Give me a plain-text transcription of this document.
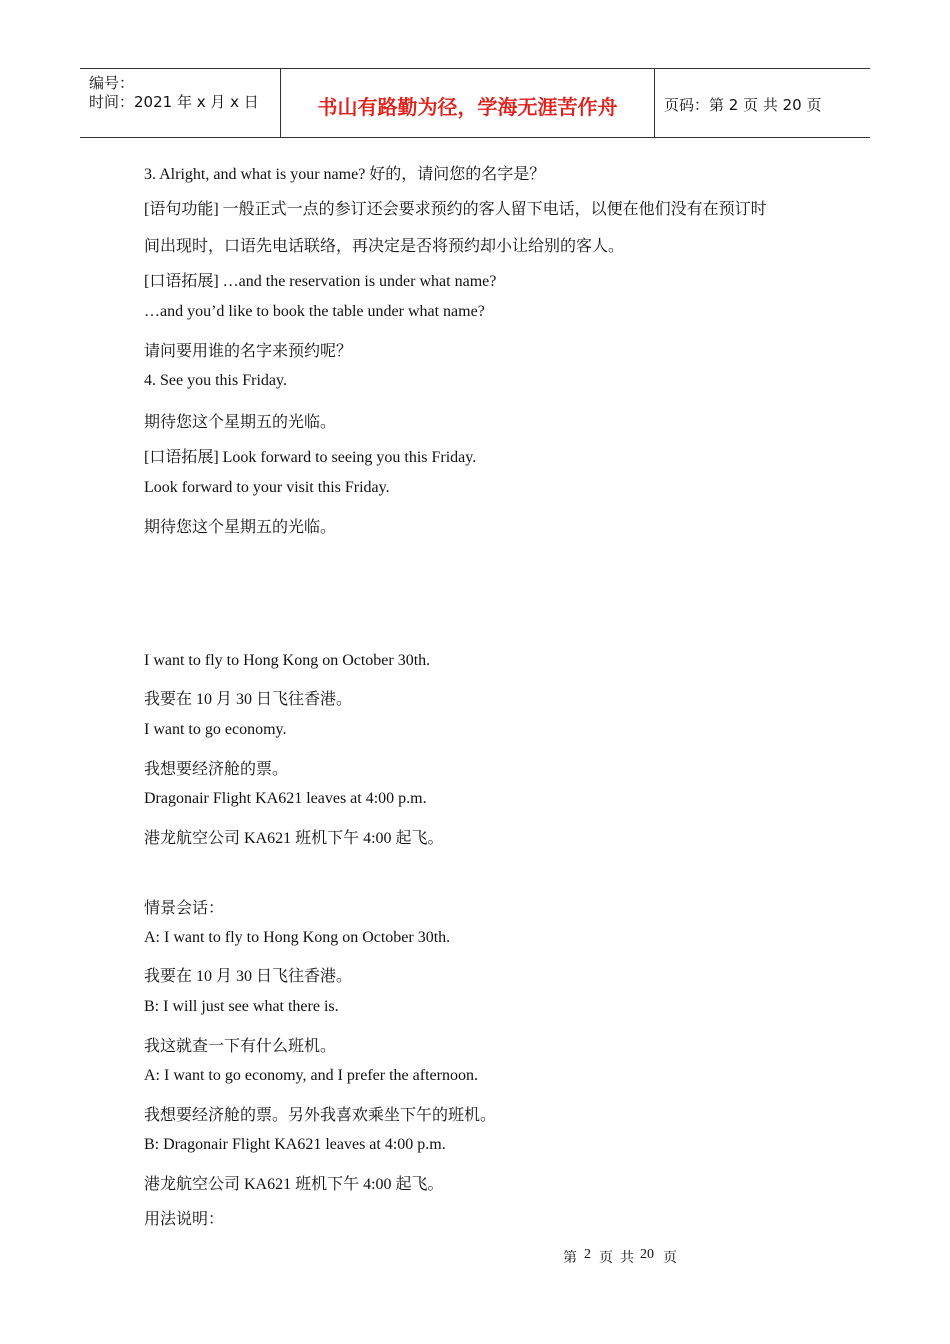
编号：
时间：2021 年 x 月 x 日	书山有路勤为径，学海无涯苦作舟	页码：第 2 页 共 20 页
3. Alright, and what is your name? 好的，请问您的名字是？
[语句功能] 一般正式一点的参订还会要求预约的客人留下电话，以便在他们没有在预订时
间出现时，口语先电话联络，再决定是否将预约却小让给别的客人。
[口语拓展] …and the reservation is under what name?
…and you’d like to book the table under what name?
请问要用谁的名字来预约呢？
4. See you this Friday.
期待您这个星期五的光临。
[口语拓展] Look forward to seeing you this Friday.
Look forward to your visit this Friday.
期待您这个星期五的光临。
I want to fly to Hong Kong on October 30th.
我要在 10 月 30 日飞往香港。
I want to go economy.
我想要经济舱的票。
Dragonair Flight KA621 leaves at 4:00 p.m.
港龙航空公司 KA621 班机下午 4:00 起飞。
情景会话：
A: I want to fly to Hong Kong on October 30th.
我要在 10 月 30 日飞往香港。
B: I will just see what there is.
我这就查一下有什么班机。
A: I want to go economy, and I prefer the afternoon.
我想要经济舱的票。另外我喜欢乘坐下午的班机。
B: Dragonair Flight KA621 leaves at 4:00 p.m.
港龙航空公司 KA621 班机下午 4:00 起飞。
用法说明：
第 2 页 共 20 页
